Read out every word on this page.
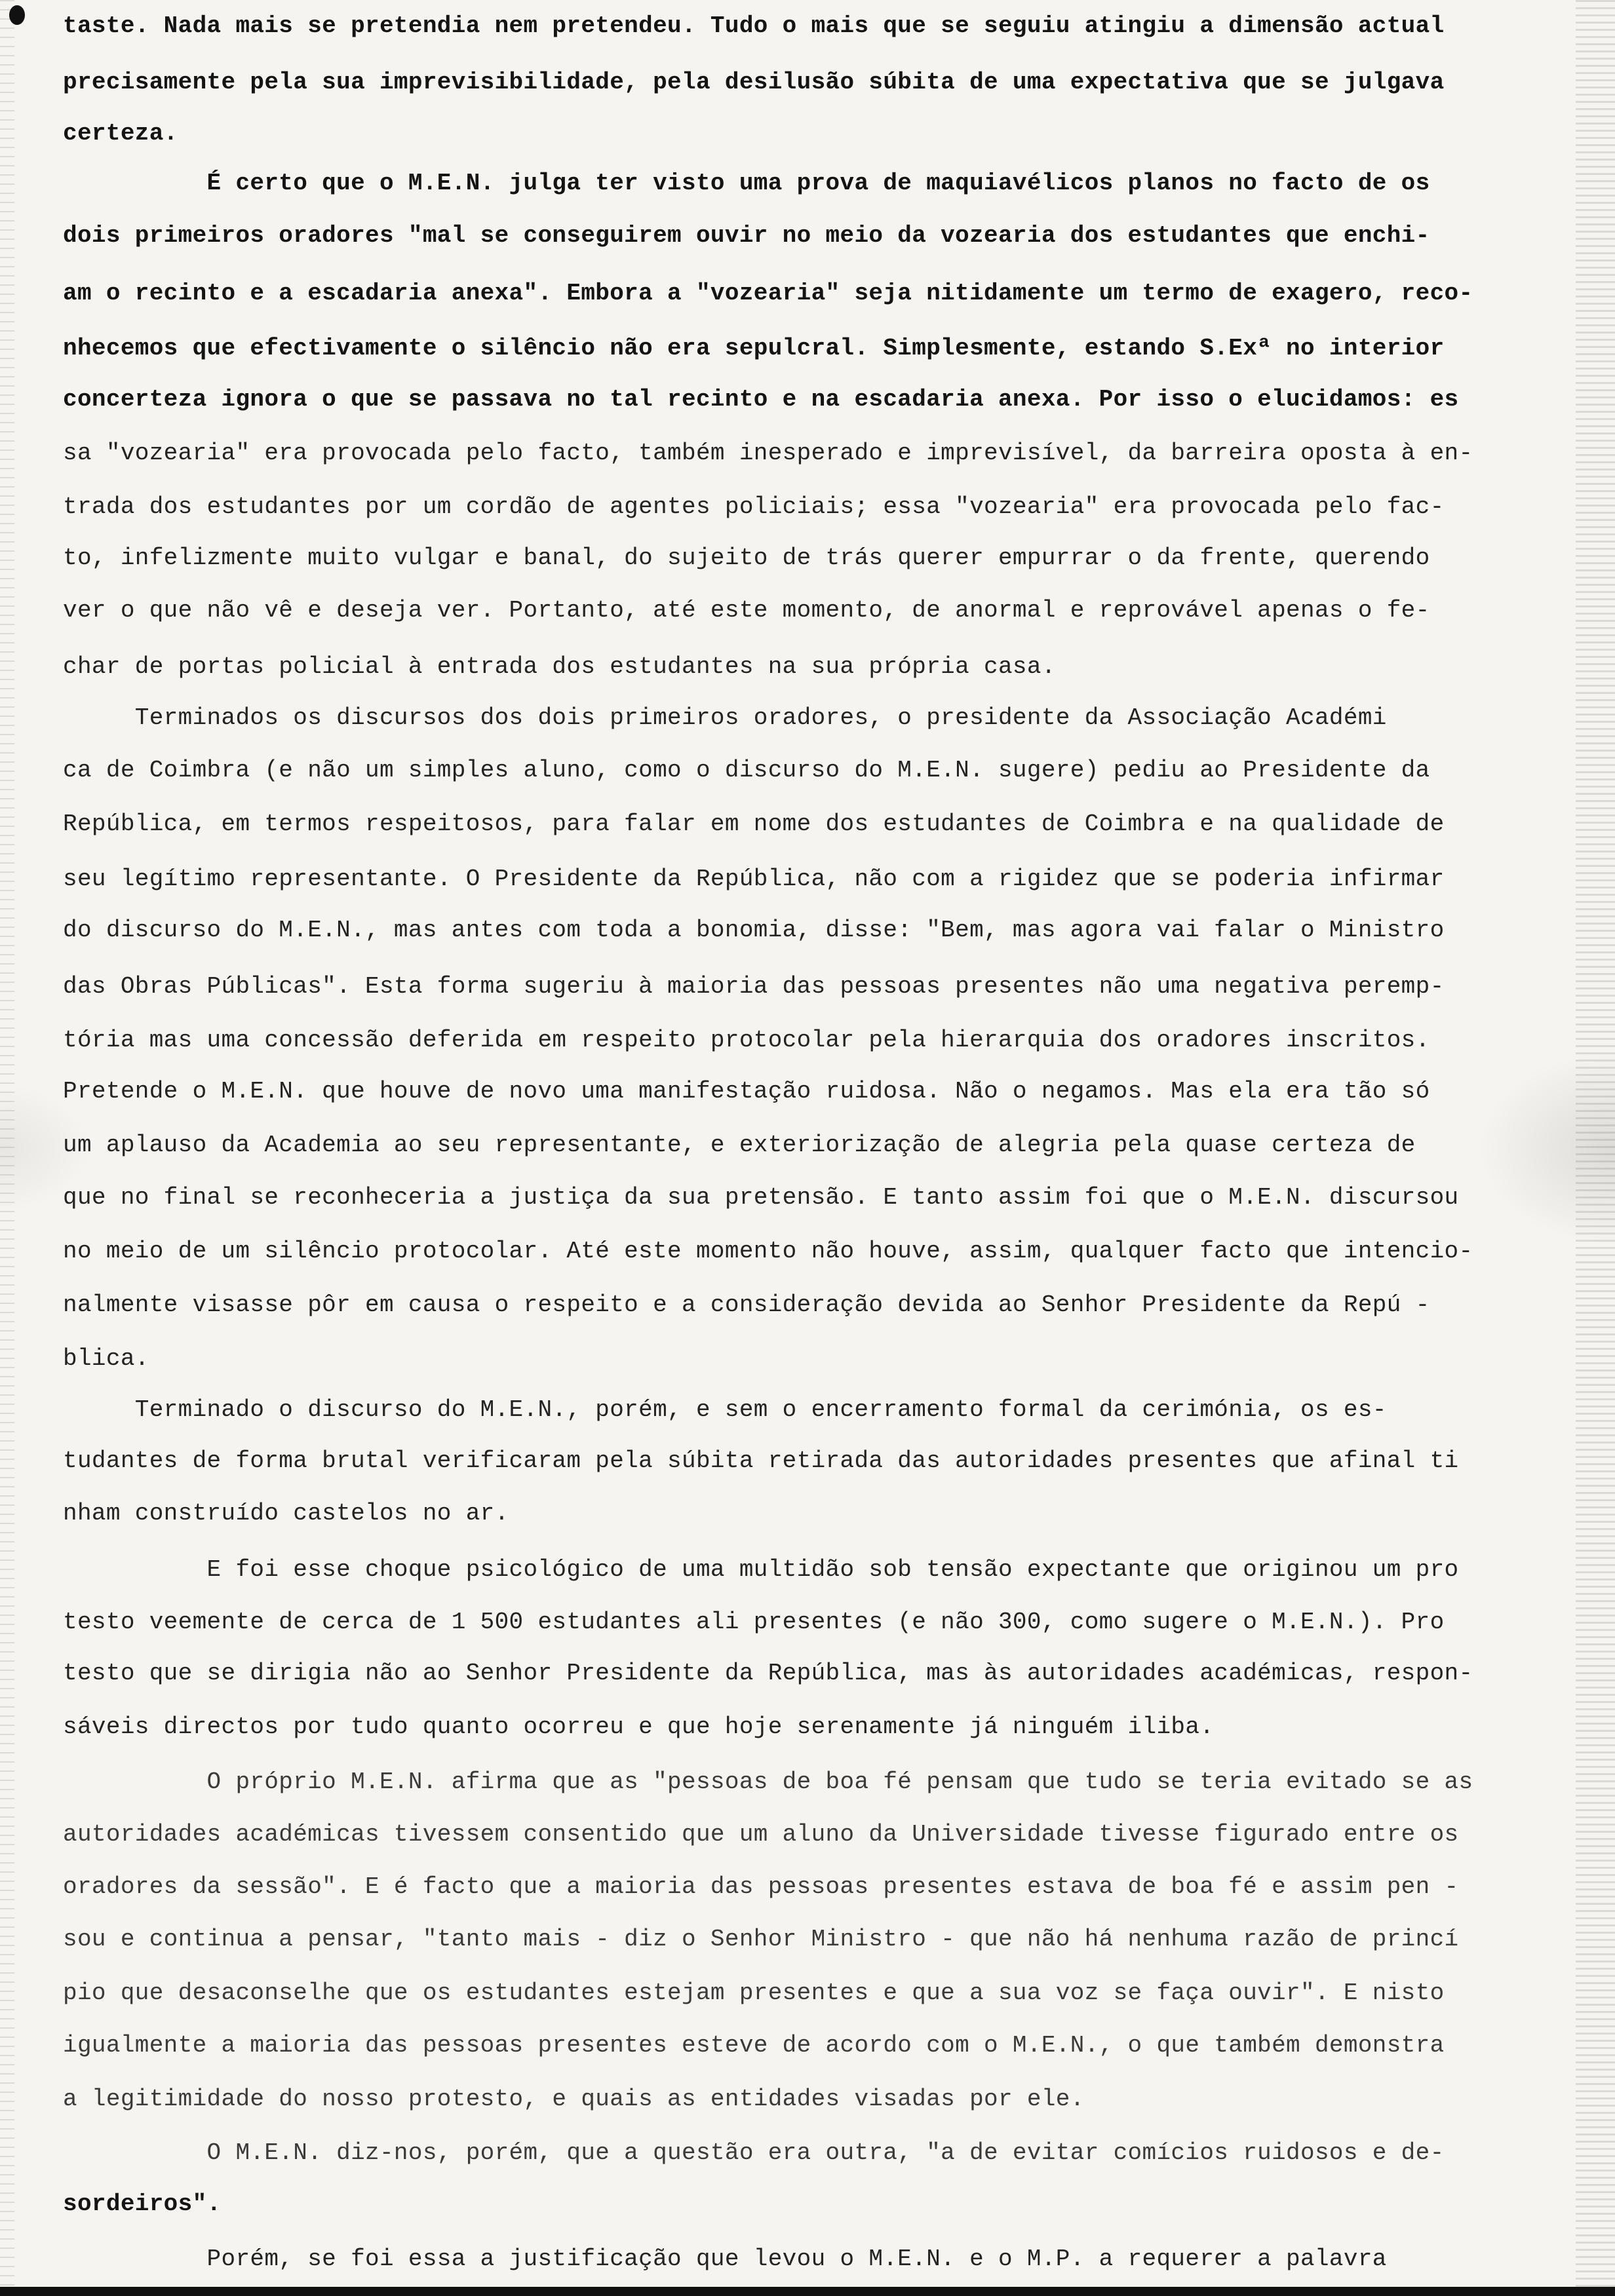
taste. Nada mais se pretendia nem pretendeu. Tudo o mais que se seguiu atingiu a dimensão actual
precisamente pela sua imprevisibilidade, pela desilusão súbita de uma expectativa que se julgava
certeza.
É certo que o M.E.N. julga ter visto uma prova de maquiavélicos planos no facto de os
dois primeiros oradores "mal se conseguirem ouvir no meio da vozearia dos estudantes que enchi-
am o recinto e a escadaria anexa". Embora a "vozearia" seja nitidamente um termo de exagero, reco-
nhecemos que efectivamente o silêncio não era sepulcral. Simplesmente, estando S.Exª no interior
concerteza ignora o que se passava no tal recinto e na escadaria anexa. Por isso o elucidamos: es
sa "vozearia" era provocada pelo facto, também inesperado e imprevisível, da barreira oposta à en-
trada dos estudantes por um cordão de agentes policiais; essa "vozearia" era provocada pelo fac-
to, infelizmente muito vulgar e banal, do sujeito de trás querer empurrar o da frente, querendo
ver o que não vê e deseja ver. Portanto, até este momento, de anormal e reprovável apenas o fe-
char de portas policial à entrada dos estudantes na sua própria casa.
Terminados os discursos dos dois primeiros oradores, o presidente da Associação Académi
ca de Coimbra (e não um simples aluno, como o discurso do M.E.N. sugere) pediu ao Presidente da
República, em termos respeitosos, para falar em nome dos estudantes de Coimbra e na qualidade de
seu legítimo representante. O Presidente da República, não com a rigidez que se poderia infirmar
do discurso do M.E.N., mas antes com toda a bonomia, disse: "Bem, mas agora vai falar o Ministro
das Obras Públicas". Esta forma sugeriu à maioria das pessoas presentes não uma negativa peremp-
tória mas uma concessão deferida em respeito protocolar pela hierarquia dos oradores inscritos.
Pretende o M.E.N. que houve de novo uma manifestação ruidosa. Não o negamos. Mas ela era tão só
um aplauso da Academia ao seu representante, e exteriorização de alegria pela quase certeza de
que no final se reconheceria a justiça da sua pretensão. E tanto assim foi que o M.E.N. discursou
no meio de um silêncio protocolar. Até este momento não houve, assim, qualquer facto que intencio-
nalmente visasse pôr em causa o respeito e a consideração devida ao Senhor Presidente da Repú -
blica.
Terminado o discurso do M.E.N., porém, e sem o encerramento formal da cerimónia, os es-
tudantes de forma brutal verificaram pela súbita retirada das autoridades presentes que afinal ti
nham construído castelos no ar.
E foi esse choque psicológico de uma multidão sob tensão expectante que originou um pro
testo veemente de cerca de 1 500 estudantes ali presentes (e não 300, como sugere o M.E.N.). Pro
testo que se dirigia não ao Senhor Presidente da República, mas às autoridades académicas, respon-
sáveis directos por tudo quanto ocorreu e que hoje serenamente já ninguém iliba.
O próprio M.E.N. afirma que as "pessoas de boa fé pensam que tudo se teria evitado se as
autoridades académicas tivessem consentido que um aluno da Universidade tivesse figurado entre os
oradores da sessão". E é facto que a maioria das pessoas presentes estava de boa fé e assim pen -
sou e continua a pensar, "tanto mais - diz o Senhor Ministro - que não há nenhuma razão de princí
pio que desaconselhe que os estudantes estejam presentes e que a sua voz se faça ouvir". E nisto
igualmente a maioria das pessoas presentes esteve de acordo com o M.E.N., o que também demonstra
a legitimidade do nosso protesto, e quais as entidades visadas por ele.
O M.E.N. diz-nos, porém, que a questão era outra, "a de evitar comícios ruidosos e de-
sordeiros".
Porém, se foi essa a justificação que levou o M.E.N. e o M.P. a requerer a palavra
